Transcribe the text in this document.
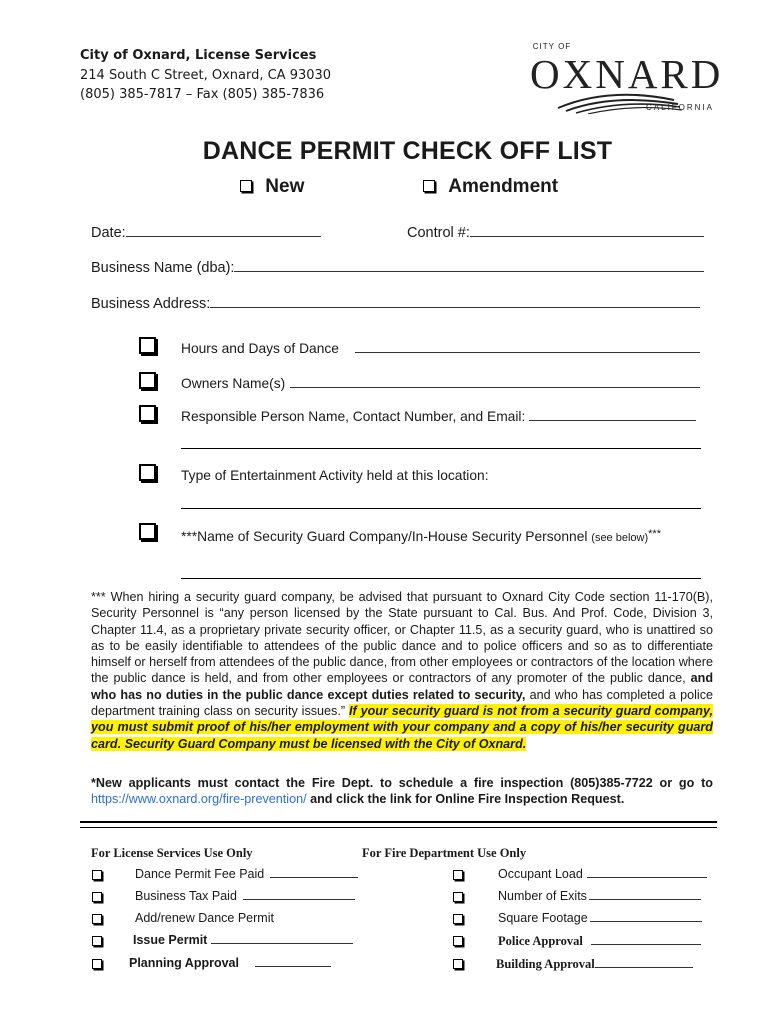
City of Oxnard, License Services
214 South C Street, Oxnard, CA 93030
(805) 385-7817 – Fax (805) 385-7836
CITY OF
OXNARD
CALIFORNIA
DANCE PERMIT CHECK OFF LIST
New	Amendment
Date:	Control #:
Business Name (dba):
Business Address:
Hours and Days of Dance
Owners Name(s)
Responsible Person Name, Contact Number, and Email:
Type of Entertainment Activity held at this location:
***Name of Security Guard Company/In-House Security Personnel (see below)***
*** When hiring a security guard company, be advised that pursuant to Oxnard City Code section 11-170(B), Security Personnel is “any person licensed by the State pursuant to Cal. Bus. And Prof. Code, Division 3, Chapter 11.4, as a proprietary private security officer, or Chapter 11.5, as a security guard, who is unattired so as to be easily identifiable to attendees of the public dance and to police officers and so as to differentiate himself or herself from attendees of the public dance, from other employees or contractors of the location where the public dance is held, and from other employees or contractors of any promoter of the public dance, and who has no duties in the public dance except duties related to security, and who has completed a police department training class on security issues.” If your security guard is not from a security guard company, you must submit proof of his/her employment with your company and a copy of his/her security guard card. Security Guard Company must be licensed with the City of Oxnard.
*New applicants must contact the Fire Dept. to schedule a fire inspection (805)385-7722 or go to https://www.oxnard.org/fire-prevention/ and click the link for Online Fire Inspection Request.
For License Services Use Only
Dance Permit Fee Paid
Business Tax Paid
Add/renew Dance Permit
Issue Permit
Planning Approval
For Fire Department Use Only
Occupant Load
Number of Exits
Square Footage
Police Approval
Building Approval
